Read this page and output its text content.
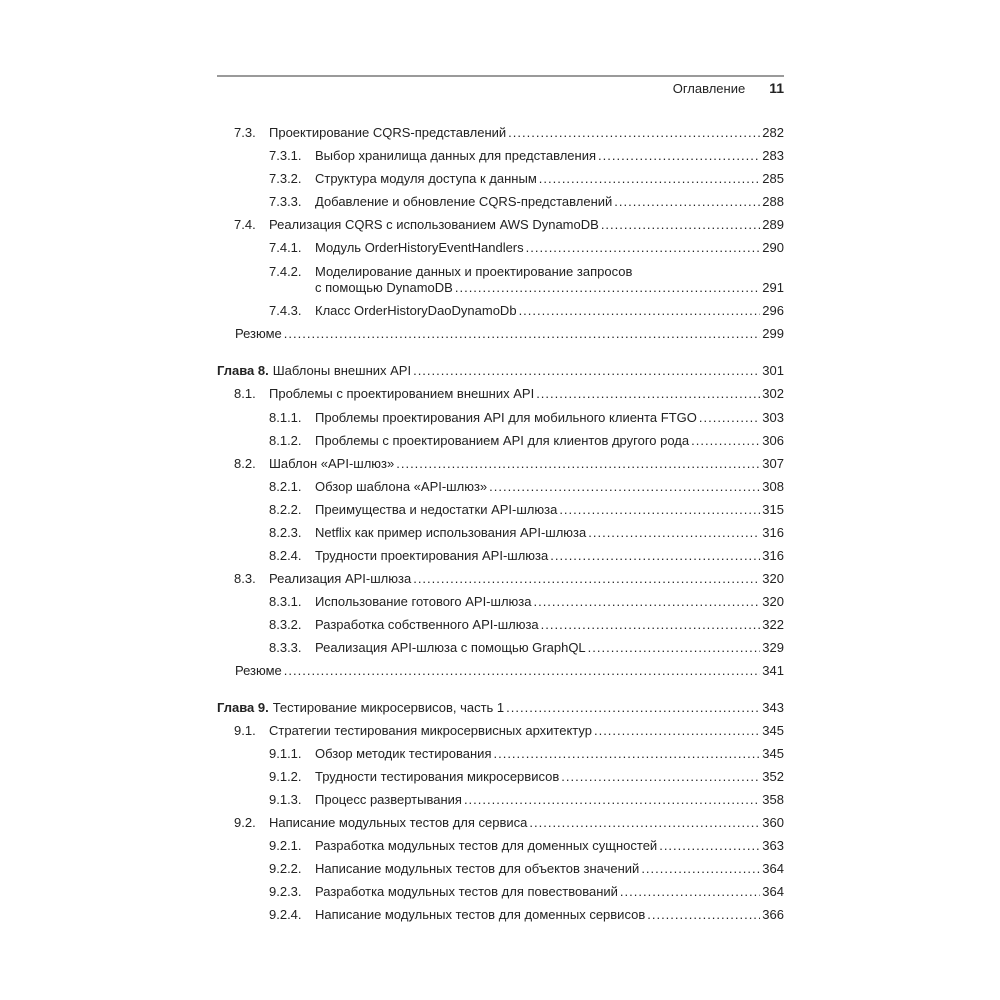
Оглавление 11
7.3.	Проектирование CQRS-представлений .....	282
7.3.1.	Выбор хранилища данных для представления .....	283
7.3.2.	Структура модуля доступа к данным .....	285
7.3.3.	Добавление и обновление CQRS-представлений .....	288
7.4.	Реализация CQRS с использованием AWS DynamoDB .....	289
7.4.1.	Модуль OrderHistoryEventHandlers .....	290
7.4.2.	Моделирование данных и проектирование запросов
с помощью DynamoDB .....	291
7.4.3.	Класс OrderHistoryDaoDynamoDb .....	296
Резюме .....	299
Глава 8. Шаблоны внешних API .....	301
8.1.	Проблемы с проектированием внешних API .....	302
8.1.1.	Проблемы проектирования API для мобильного клиента FTGO .....	303
8.1.2.	Проблемы с проектированием API для клиентов другого рода .....	306
8.2.	Шаблон «API-шлюз» .....	307
8.2.1.	Обзор шаблона «API-шлюз» .....	308
8.2.2.	Преимущества и недостатки API-шлюза .....	315
8.2.3.	Netflix как пример использования API-шлюза .....	316
8.2.4.	Трудности проектирования API-шлюза .....	316
8.3.	Реализация API-шлюза .....	320
8.3.1.	Использование готового API-шлюза .....	320
8.3.2.	Разработка собственного API-шлюза .....	322
8.3.3.	Реализация API-шлюза с помощью GraphQL .....	329
Резюме .....	341
Глава 9. Тестирование микросервисов, часть 1 .....	343
9.1.	Стратегии тестирования микросервисных архитектур .....	345
9.1.1.	Обзор методик тестирования .....	345
9.1.2.	Трудности тестирования микросервисов .....	352
9.1.3.	Процесс развертывания .....	358
9.2.	Написание модульных тестов для сервиса .....	360
9.2.1.	Разработка модульных тестов для доменных сущностей .....	363
9.2.2.	Написание модульных тестов для объектов значений .....	364
9.2.3.	Разработка модульных тестов для повествований .....	364
9.2.4.	Написание модульных тестов для доменных сервисов .....	366
